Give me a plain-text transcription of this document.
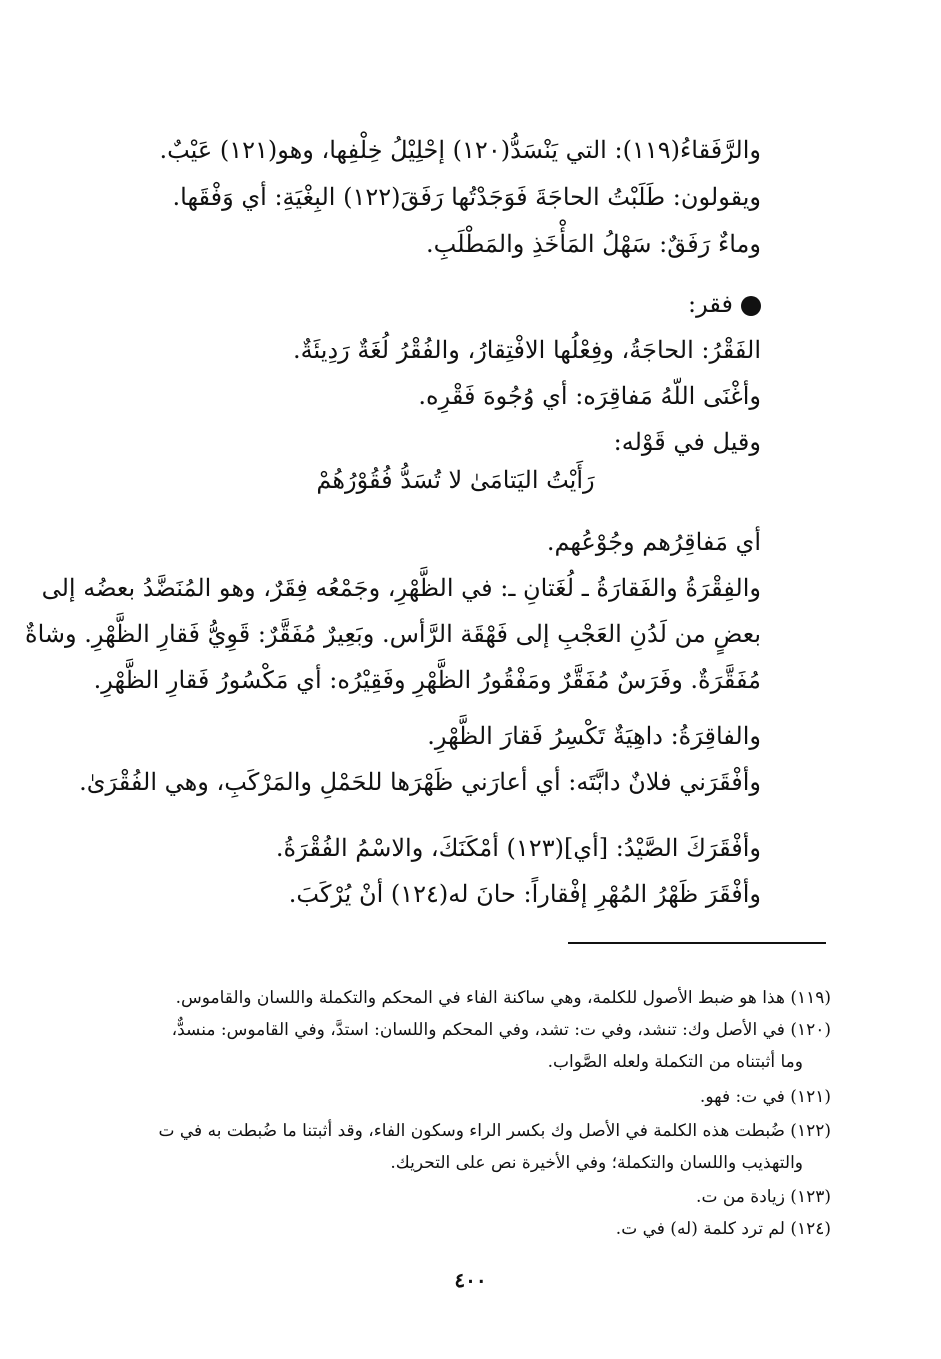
والرَّفَقاءُ(١١٩): التي يَنْسَدُّ(١٢٠) إحْلِيْلُ خِلْفِها، وهو(١٢١) عَيْبٌ.
ويقولون: طَلَبْتُ الحاجَةَ فَوَجَدْتُها رَفَقَ(١٢٢) البِغْيَةِ: أي وَفْقَها.
وماءٌ رَفَقٌ: سَهْلُ المَأْخَذِ والمَطْلَبِ.
فقر:
الفَقْرُ: الحاجَةُ، وفِعْلُها الافْتِقارُ، والفُقْرُ لُغَةٌ رَدِيئَةٌ.
وأغْنَى اللّهُ مَفاقِرَه: أي وُجُوهَ فَقْرِه.
وقيل في قَوْله:
رَأَيْتُ اليَتامَىٰ لا تُسَدُّ فُقُوْرُهُمْ
أي مَفاقِرُهم وجُوْعُهم.
والفِقْرَةُ والفَقارَةُ ـ لُغَتانِ ـ: في الظَّهْرِ، وجَمْعُه فِقَرٌ، وهو المُنَضَّدُ بعضُه إلى
بعضٍ من لَدُنِ العَجْبِ إلى فَهْقَة الرَّأس. وبَعِيرٌ مُفَقَّرٌ: قَوِيُّ فَقارِ الظَّهْرِ. وشاةٌ
مُفَقَّرَةٌ. وفَرَسٌ مُفَقَّرٌ ومَفْقُورُ الظَّهْرِ وفَقِيْرُه: أي مَكْسُورُ فَقارِ الظَّهْرِ.
والفاقِرَةُ: داهِيَةٌ تَكْسِرُ فَقارَ الظَّهْرِ.
وأفْقَرَني فلانٌ دابَّتَه: أي أعارَني ظَهْرَها للحَمْلِ والمَرْكَبِ، وهي الفُقْرَىٰ.
وأفْقَرَكَ الصَّيْدُ: [أي](١٢٣) أمْكَنَكَ، والاسْمُ الفُقْرَةُ.
وأفْقَرَ ظَهْرُ المُهْرِ إفْقاراً: حانَ له(١٢٤) أنْ يُرْكَبَ.
(١١٩) هذا هو ضبط الأصول للكلمة، وهي ساكنة الفاء في المحكم والتكملة واللسان والقاموس.
(١٢٠) في الأصل وك: تنشد، وفي ت: تشد، وفي المحكم واللسان: استدَّ، وفي القاموس: منسدٌّ،
وما أثبتناه من التكملة ولعله الصَّواب.
(١٢١) في ت: فهو.
(١٢٢) ضُبطت هذه الكلمة في الأصل وك بكسر الراء وسكون الفاء، وقد أثبتنا ما ضُبطت به في ت
والتهذيب واللسان والتكملة؛ وفي الأخيرة نص على التحريك.
(١٢٣) زيادة من ت.
(١٢٤) لم ترد كلمة (له) في ت.
٤٠٠
